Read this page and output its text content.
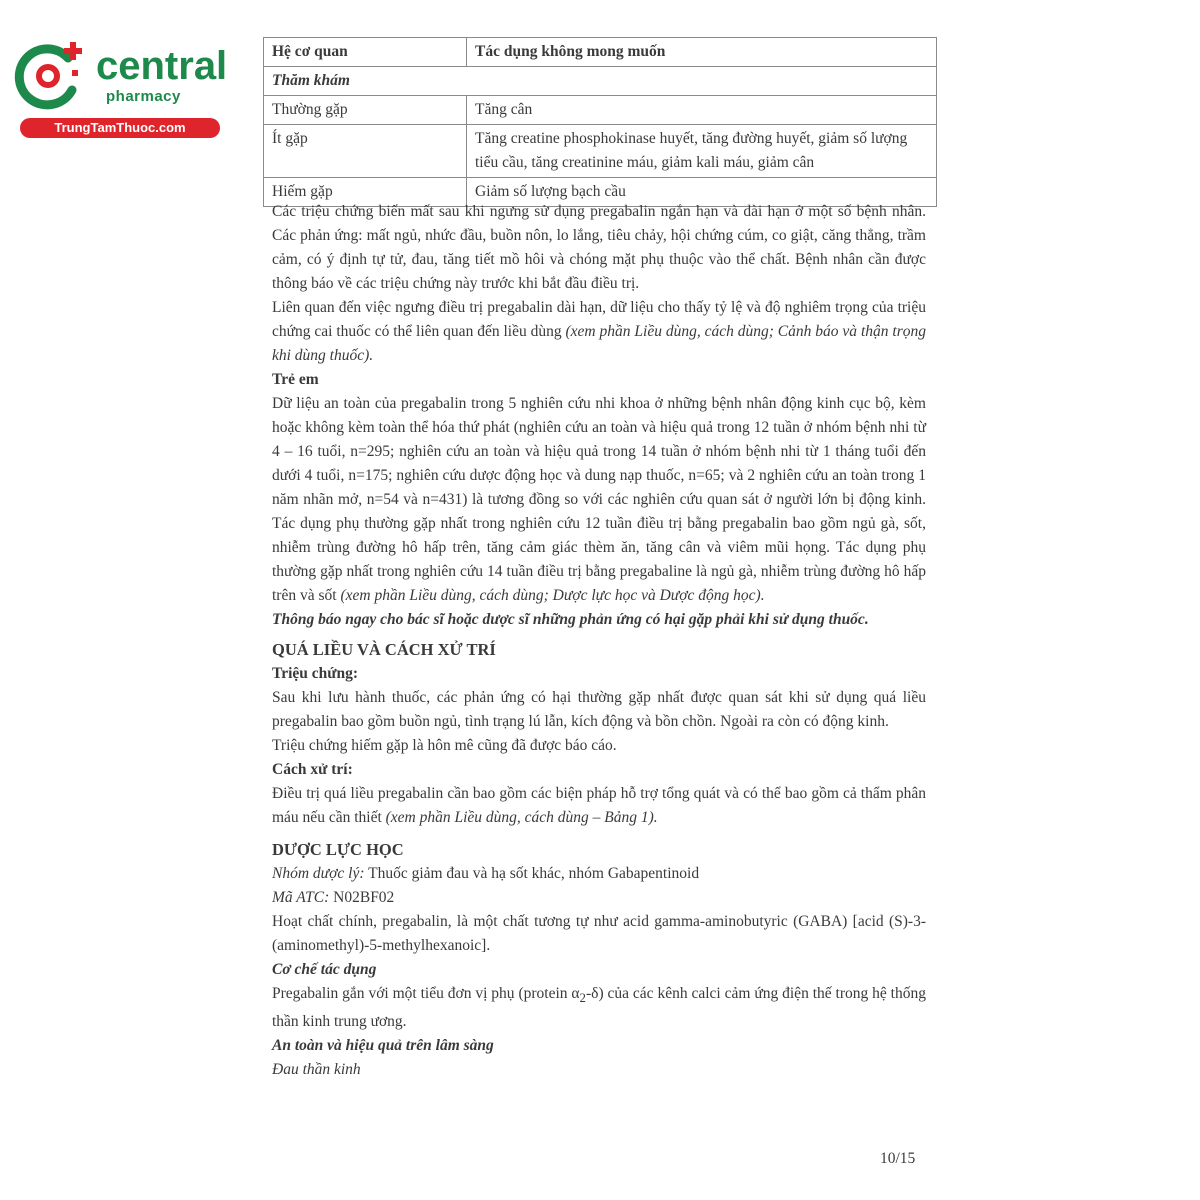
central
pharmacy
TrungTamThuoc.com
Hệ cơ quan	Tác dụng không mong muốn
Thăm khám	
Thường gặp	Tăng cân
Ít gặp	Tăng creatine phosphokinase huyết, tăng đường huyết, giảm số lượng tiểu cầu, tăng creatinine máu, giảm kali máu, giảm cân
Hiếm gặp	Giảm số lượng bạch cầu

Các triệu chứng biến mất sau khi ngưng sử dụng pregabalin ngắn hạn và dài hạn ở một số bệnh nhân. Các phản ứng: mất ngủ, nhức đầu, buồn nôn, lo lắng, tiêu chảy, hội chứng cúm, co giật, căng thẳng, trầm cảm, có ý định tự tử, đau, tăng tiết mồ hôi và chóng mặt phụ thuộc vào thể chất. Bệnh nhân cần được thông báo về các triệu chứng này trước khi bắt đầu điều trị.

Liên quan đến việc ngưng điều trị pregabalin dài hạn, dữ liệu cho thấy tỷ lệ và độ nghiêm trọng của triệu chứng cai thuốc có thể liên quan đến liều dùng (xem phần Liều dùng, cách dùng; Cảnh báo và thận trọng khi dùng thuốc).

Trẻ em

Dữ liệu an toàn của pregabalin trong 5 nghiên cứu nhi khoa ở những bệnh nhân động kinh cục bộ, kèm hoặc không kèm toàn thể hóa thứ phát (nghiên cứu an toàn và hiệu quả trong 12 tuần ở nhóm bệnh nhi từ 4 – 16 tuổi, n=295; nghiên cứu an toàn và hiệu quả trong 14 tuần ở nhóm bệnh nhi từ 1 tháng tuổi đến dưới 4 tuổi, n=175; nghiên cứu dược động học và dung nạp thuốc, n=65; và 2 nghiên cứu an toàn trong 1 năm nhãn mở, n=54 và n=431) là tương đồng so với các nghiên cứu quan sát ở người lớn bị động kinh. Tác dụng phụ thường gặp nhất trong nghiên cứu 12 tuần điều trị bằng pregabalin bao gồm ngủ gà, sốt, nhiễm trùng đường hô hấp trên, tăng cảm giác thèm ăn, tăng cân và viêm mũi họng. Tác dụng phụ thường gặp nhất trong nghiên cứu 14 tuần điều trị bằng pregabaline là ngủ gà, nhiễm trùng đường hô hấp trên và sốt (xem phần Liều dùng, cách dùng; Dược lực học và Dược động học).

Thông báo ngay cho bác sĩ hoặc dược sĩ những phản ứng có hại gặp phải khi sử dụng thuốc.

QUÁ LIỀU VÀ CÁCH XỬ TRÍ

Triệu chứng:

Sau khi lưu hành thuốc, các phản ứng có hại thường gặp nhất được quan sát khi sử dụng quá liều pregabalin bao gồm buồn ngủ, tình trạng lú lẫn, kích động và bồn chồn. Ngoài ra còn có động kinh.

Triệu chứng hiếm gặp là hôn mê cũng đã được báo cáo.

Cách xử trí:

Điều trị quá liều pregabalin cần bao gồm các biện pháp hỗ trợ tổng quát và có thể bao gồm cả thẩm phân máu nếu cần thiết (xem phần Liều dùng, cách dùng – Bảng 1).

DƯỢC LỰC HỌC

Nhóm dược lý: Thuốc giảm đau và hạ sốt khác, nhóm Gabapentinoid

Mã ATC: N02BF02

Hoạt chất chính, pregabalin, là một chất tương tự như acid gamma-aminobutyric (GABA) [acid (S)-3-(aminomethyl)-5-methylhexanoic].

Cơ chế tác dụng

Pregabalin gắn với một tiểu đơn vị phụ (protein $\alpha_2-\delta$) của các kênh calci cảm ứng điện thế trong hệ thống thần kinh trung ương.

An toàn và hiệu quả trên lâm sàng

Đau thần kinh

10/15
